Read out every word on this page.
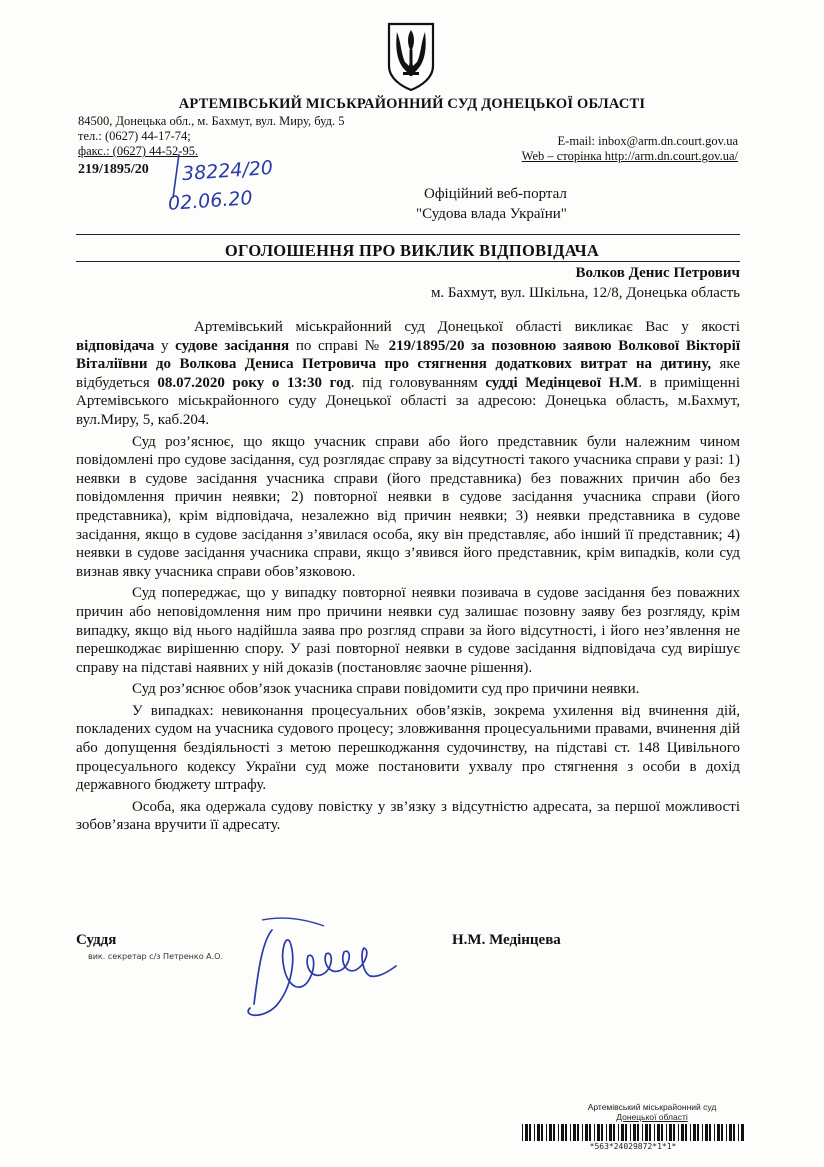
АРТЕМІВСЬКИЙ МІСЬКРАЙОННИЙ СУД ДОНЕЦЬКОЇ ОБЛАСТІ
84500, Донецька обл., м. Бахмут, вул. Миру, буд. 5
тел.: (0627) 44-17-74;
факс.: (0627) 44-52-95.
E-mail: inbox@arm.dn.court.gov.ua
Web – сторінка http://arm.dn.court.gov.ua/
219/1895/20 38224/20
02.06.20	Офіційний веб-портал
"Судова влада України"
ОГОЛОШЕННЯ ПРО ВИКЛИК ВІДПОВІДАЧА
Волков Денис Петрович
м. Бахмут, вул. Шкільна, 12/8, Донецька область

Артемівський міськрайонний суд Донецької області викликає Вас у якості відповідача у судове засідання по справі № 219/1895/20 за позовною заявою Волкової Вікторії Віталіївни до Волкова Дениса Петровича про стягнення додаткових витрат на дитину, яке відбудеться 08.07.2020 року о 13:30 год. під головуванням судді Медінцевої Н.М. в приміщенні Артемівського міськрайонного суду Донецької області за адресою: Донецька область, м.Бахмут, вул.Миру, 5, каб.204.

Суд роз’яснює, що якщо учасник справи або його представник були належним чином повідомлені про судове засідання, суд розглядає справу за відсутності такого учасника справи у разі: 1) неявки в судове засідання учасника справи (його представника) без поважних причин або без повідомлення причин неявки; 2) повторної неявки в судове засідання учасника справи (його представника), крім відповідача, незалежно від причин неявки; 3) неявки представника в судове засідання, якщо в судове засідання з’явилася особа, яку він представляє, або інший її представник; 4) неявки в судове засідання учасника справи, якщо з’явився його представник, крім випадків, коли суд визнав явку учасника справи обов’язковою.

Суд попереджає, що у випадку повторної неявки позивача в судове засідання без поважних причин або неповідомлення ним про причини неявки суд залишає позовну заяву без розгляду, крім випадку, якщо від нього надійшла заява про розгляд справи за його відсутності, і його нез’явлення не перешкоджає вирішенню спору. У разі повторної неявки в судове засідання відповідача суд вирішує справу на підставі наявних у ній доказів (постановляє заочне рішення).

Суд роз’яснює обов’язок учасника справи повідомити суд про причини неявки.

У випадках: невиконання процесуальних обов’язків, зокрема ухилення від вчинення дій, покладених судом на учасника судового процесу; зловживання процесуальними правами, вчинення дій або допущення бездіяльності з метою перешкоджання судочинству, на підставі ст. 148 Цивільного процесуального кодексу України суд може постановити ухвалу про стягнення з особи в дохід державного бюджету штрафу.

Особа, яка одержала судову повістку у зв’язку з відсутністю адресата, за першої можливості зобов’язана вручити її адресату.

Суддя
вик. секретар с/з Петренко А.О.
Н.М. Медінцева
Артемівський міськрайонний суд
Донецької області
*563*24029872*1*1*
